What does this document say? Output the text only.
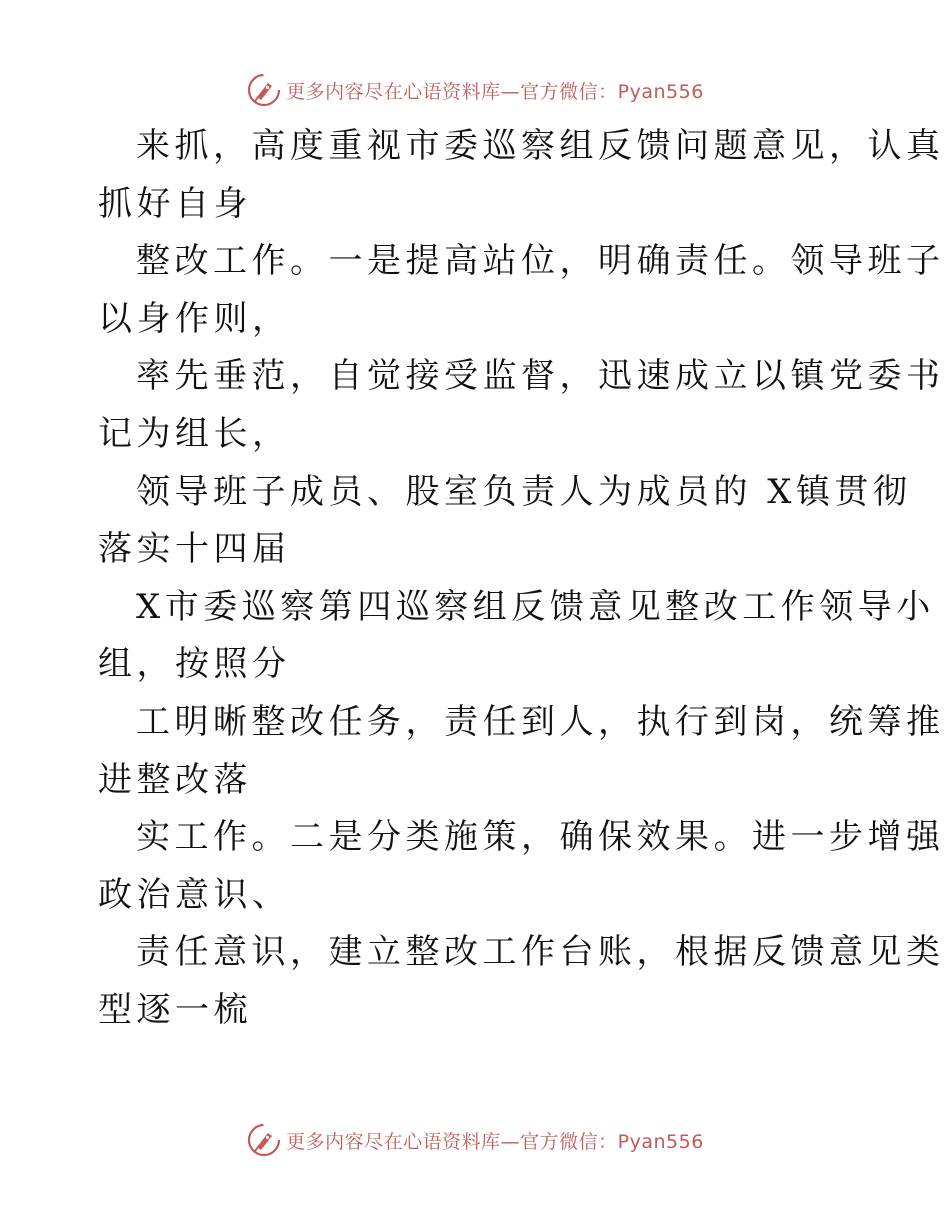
更多内容尽在心语资料库—官方微信：Pyan556

来抓，高度重视市委巡察组反馈问题意见，认真
抓好自身

整改工作。一是提高站位，明确责任。领导班子
以身作则，

率先垂范，自觉接受监督，迅速成立以镇党委书
记为组长，

领导班子成员、股室负责人为成员的 X镇贯彻
落实十四届

X市委巡察第四巡察组反馈意见整改工作领导小
组，按照分

工明晰整改任务，责任到人，执行到岗，统筹推
进整改落

实工作。二是分类施策，确保效果。进一步增强
政治意识、

责任意识，建立整改工作台账，根据反馈意见类
型逐一梳

更多内容尽在心语资料库—官方微信：Pyan556
